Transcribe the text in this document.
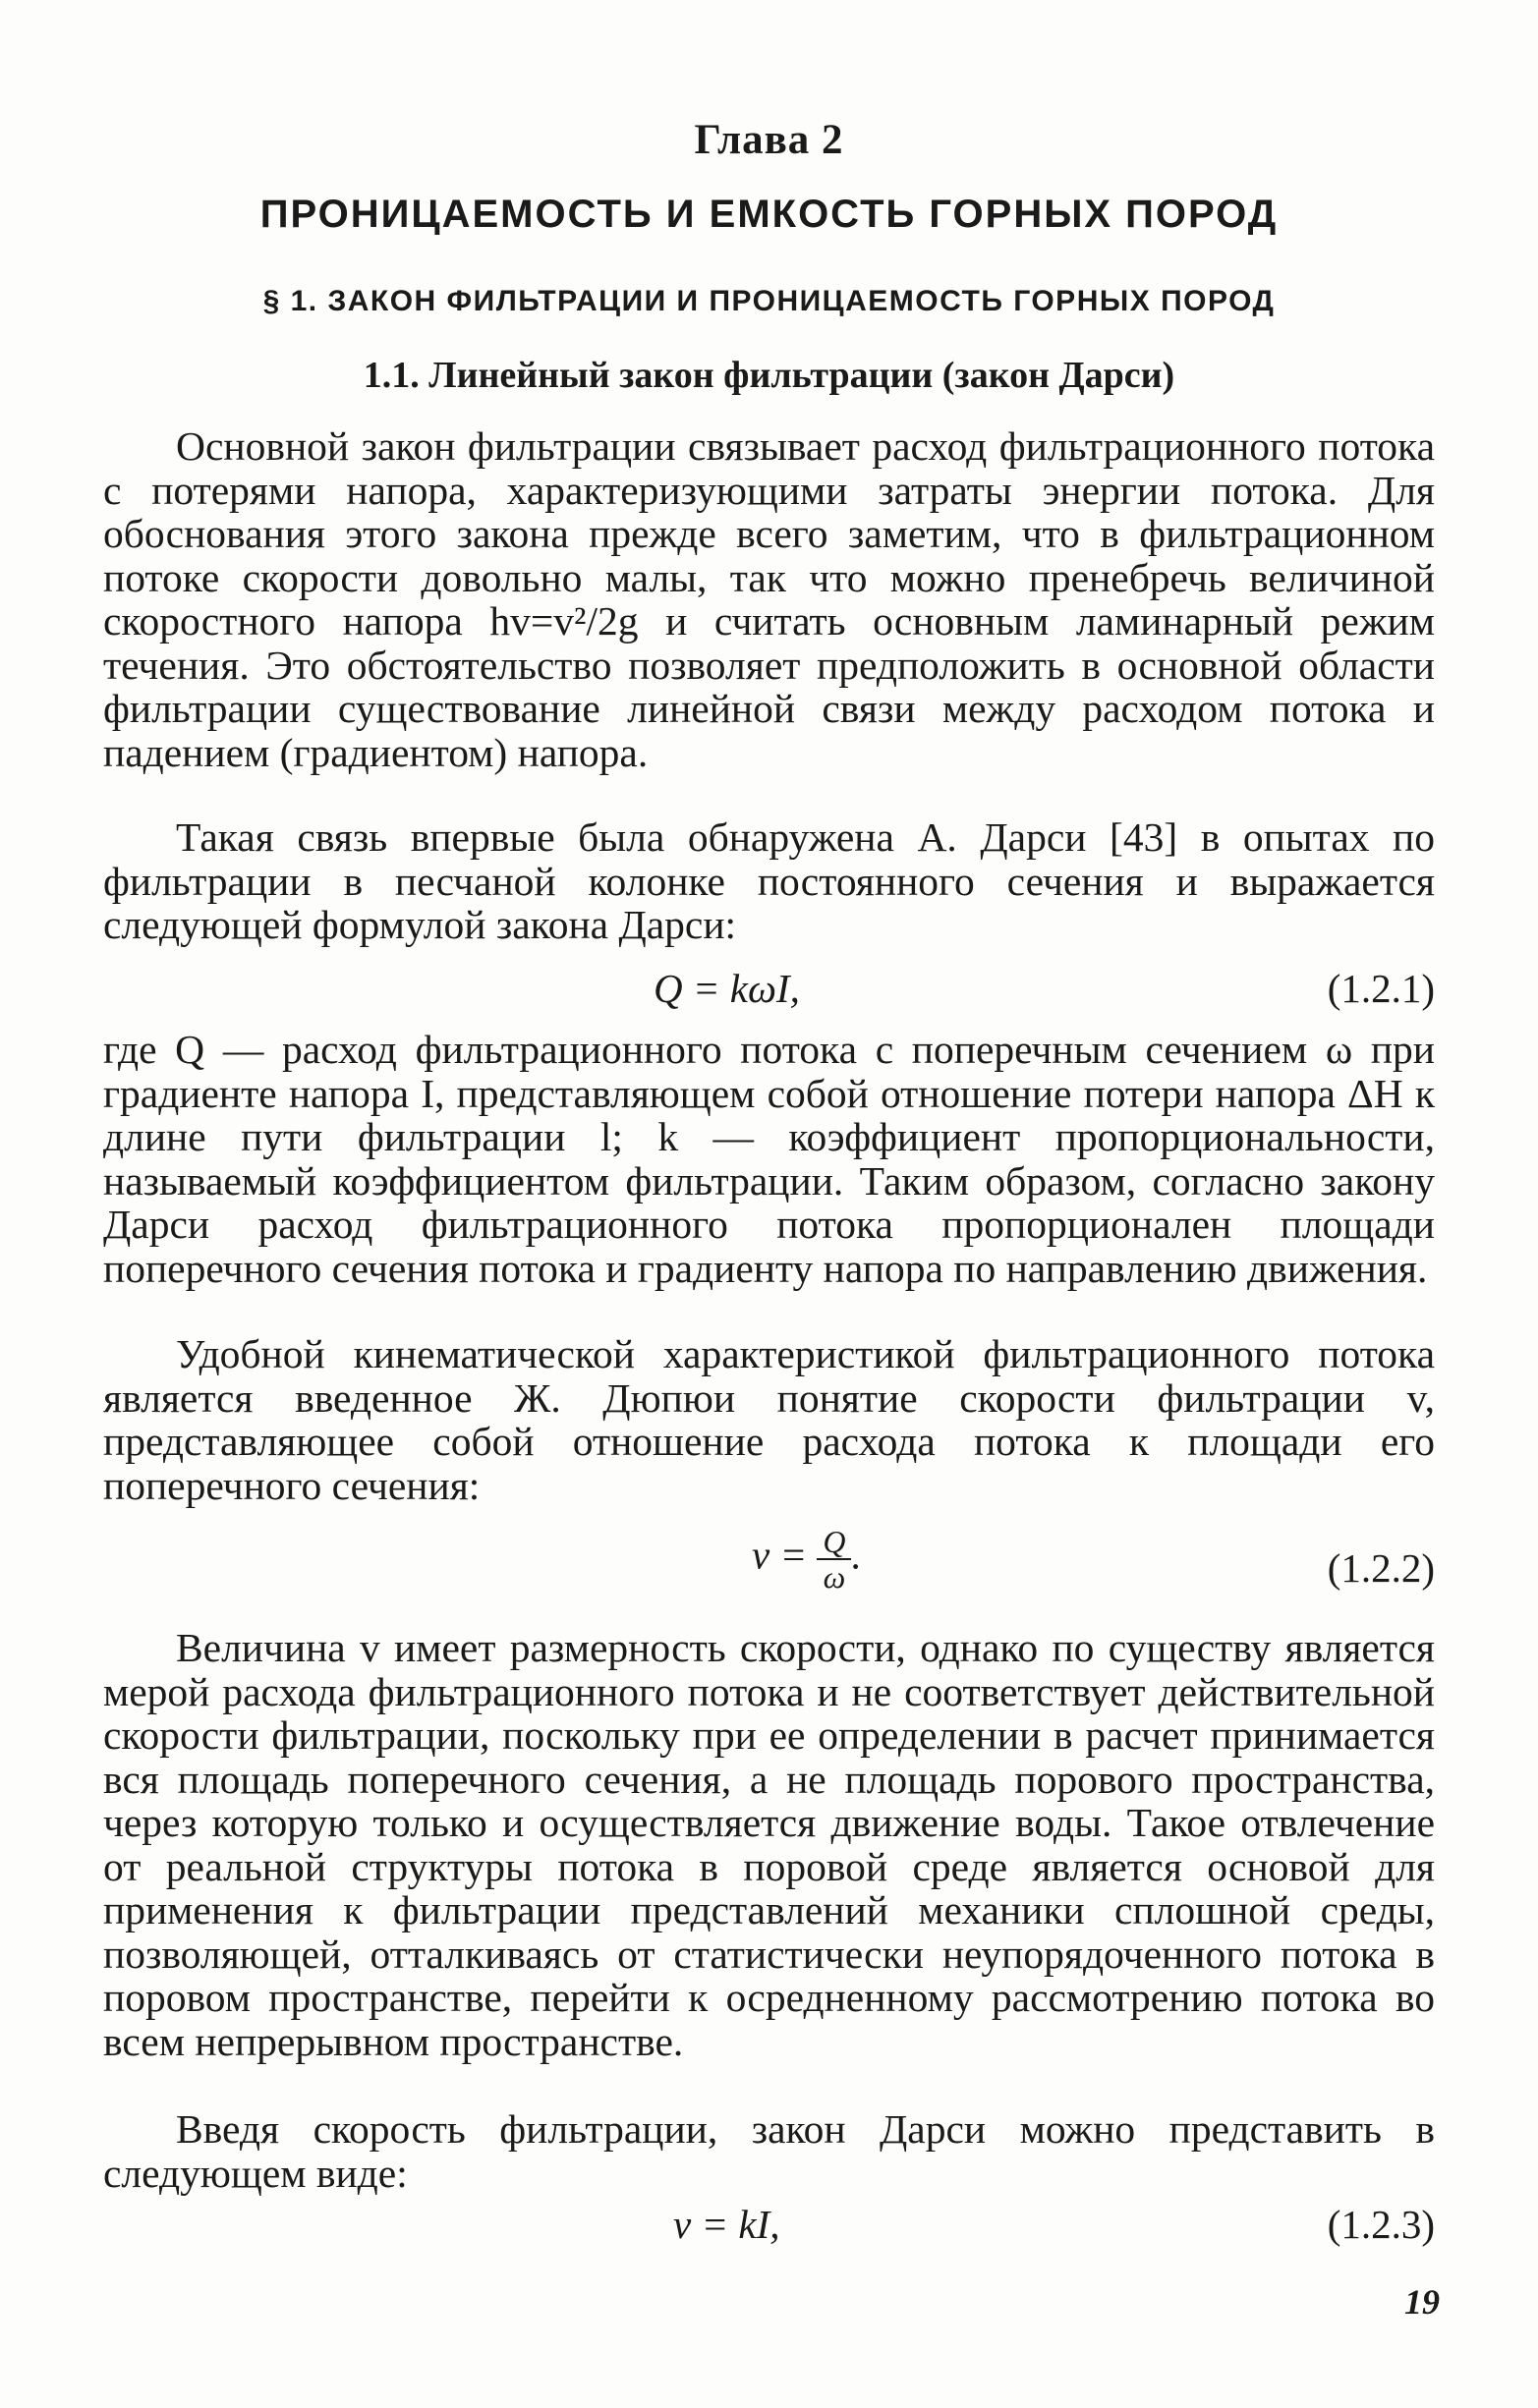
Глава 2
ПРОНИЦАЕМОСТЬ И ЕМКОСТЬ ГОРНЫХ ПОРОД
§ 1. ЗАКОН ФИЛЬТРАЦИИ И ПРОНИЦАЕМОСТЬ ГОРНЫХ ПОРОД
1.1. Линейный закон фильтрации (закон Дарси)

Основной закон фильтрации связывает расход фильтрационного потока с потерями напора, характеризующими затраты энергии потока. Для обоснования этого закона прежде всего заметим, что в фильтрационном потоке скорости довольно малы, так что можно пренебречь величиной скоростного напора hv=v²/2g и считать основным ламинарный режим течения. Это обстоятельство позволяет предположить в основной области фильтрации существование линейной связи между расходом потока и падением (градиентом) напора.

Такая связь впервые была обнаружена А. Дарси [43] в опытах по фильтрации в песчаной колонке постоянного сечения и выражается следующей формулой закона Дарси:

Q = kωI,	(1.2.1)

где Q — расход фильтрационного потока с поперечным сечением ω при градиенте напора I, представляющем собой отношение потери напора ΔH к длине пути фильтрации l; k — коэффициент пропорциональности, называемый коэффициентом фильтрации. Таким образом, согласно закону Дарси расход фильтрационного потока пропорционален площади поперечного сечения потока и градиенту напора по направлению движения.

Удобной кинематической характеристикой фильтрационного потока является введенное Ж. Дюпюи понятие скорости фильтрации v, представляющее собой отношение расхода потока к площади его поперечного сечения:

$v = \frac{Q}{\omega}$ .	(1.2.2)

Величина v имеет размерность скорости, однако по существу является мерой расхода фильтрационного потока и не соответствует действительной скорости фильтрации, поскольку при ее определении в расчет принимается вся площадь поперечного сечения, а не площадь порового пространства, через которую только и осуществляется движение воды. Такое отвлечение от реальной структуры потока в поровой среде является основой для применения к фильтрации представлений механики сплошной среды, позволяющей, отталкиваясь от статистически неупорядоченного потока в поровом пространстве, перейти к осредненному рассмотрению потока во всем непрерывном пространстве.

Введя скорость фильтрации, закон Дарси можно представить в следующем виде:

v = kI,	(1.2.3)
19
